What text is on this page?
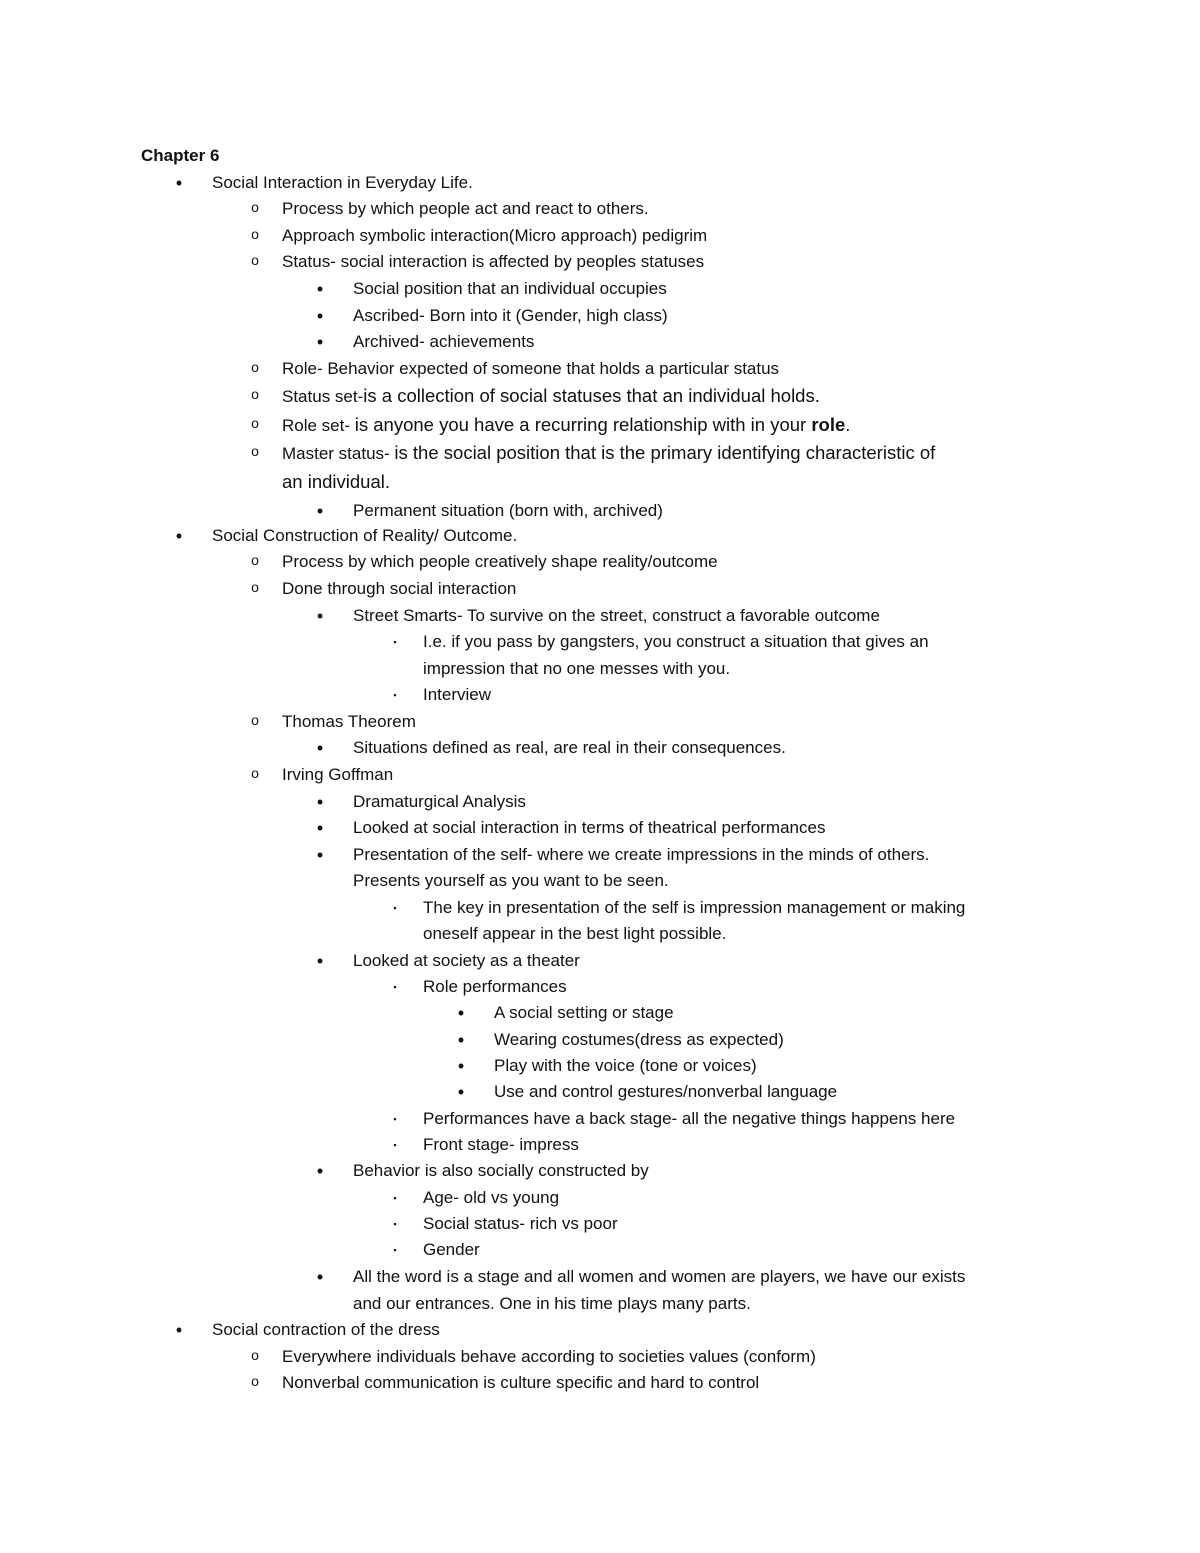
Chapter 6
• Social Interaction in Everyday Life.
o Process by which people act and react to others.
o Approach symbolic interaction(Micro approach) pedigrim
o Status- social interaction is affected by peoples statuses
• Social position that an individual occupies
• Ascribed- Born into it (Gender, high class)
• Archived- achievements
o Role- Behavior expected of someone that holds a particular status
o Status set-is a collection of social statuses that an individual holds.
o Role set- is anyone you have a recurring relationship with in your role.
o Master status- is the social position that is the primary identifying characteristic of
an individual.
• Permanent situation (born with, archived)
• Social Construction of Reality/ Outcome.
o Process by which people creatively shape reality/outcome
o Done through social interaction
• Street Smarts- To survive on the street, construct a favorable outcome
▪	I.e. if you pass by gangsters, you construct a situation that gives an
impression that no one messes with you.
▪	Interview
o Thomas Theorem
• Situations defined as real, are real in their consequences.
o Irving Goffman
• Dramaturgical Analysis
• Looked at social interaction in terms of theatrical performances
• Presentation of the self- where we create impressions in the minds of others.
Presents yourself as you want to be seen.
▪	The key in presentation of the self is impression management or making
oneself appear in the best light possible.
• Looked at society as a theater
▪	Role performances
• A social setting or stage
• Wearing costumes(dress as expected)
• Play with the voice (tone or voices)
• Use and control gestures/nonverbal language
▪	Performances have a back stage- all the negative things happens here
▪	Front stage- impress
• Behavior is also socially constructed by
▪	Age- old vs young
▪	Social status- rich vs poor
▪	Gender
• All the word is a stage and all women and women are players, we have our exists
and our entrances. One in his time plays many parts.
• Social contraction of the dress
o Everywhere individuals behave according to societies values (conform)
o Nonverbal communication is culture specific and hard to control
